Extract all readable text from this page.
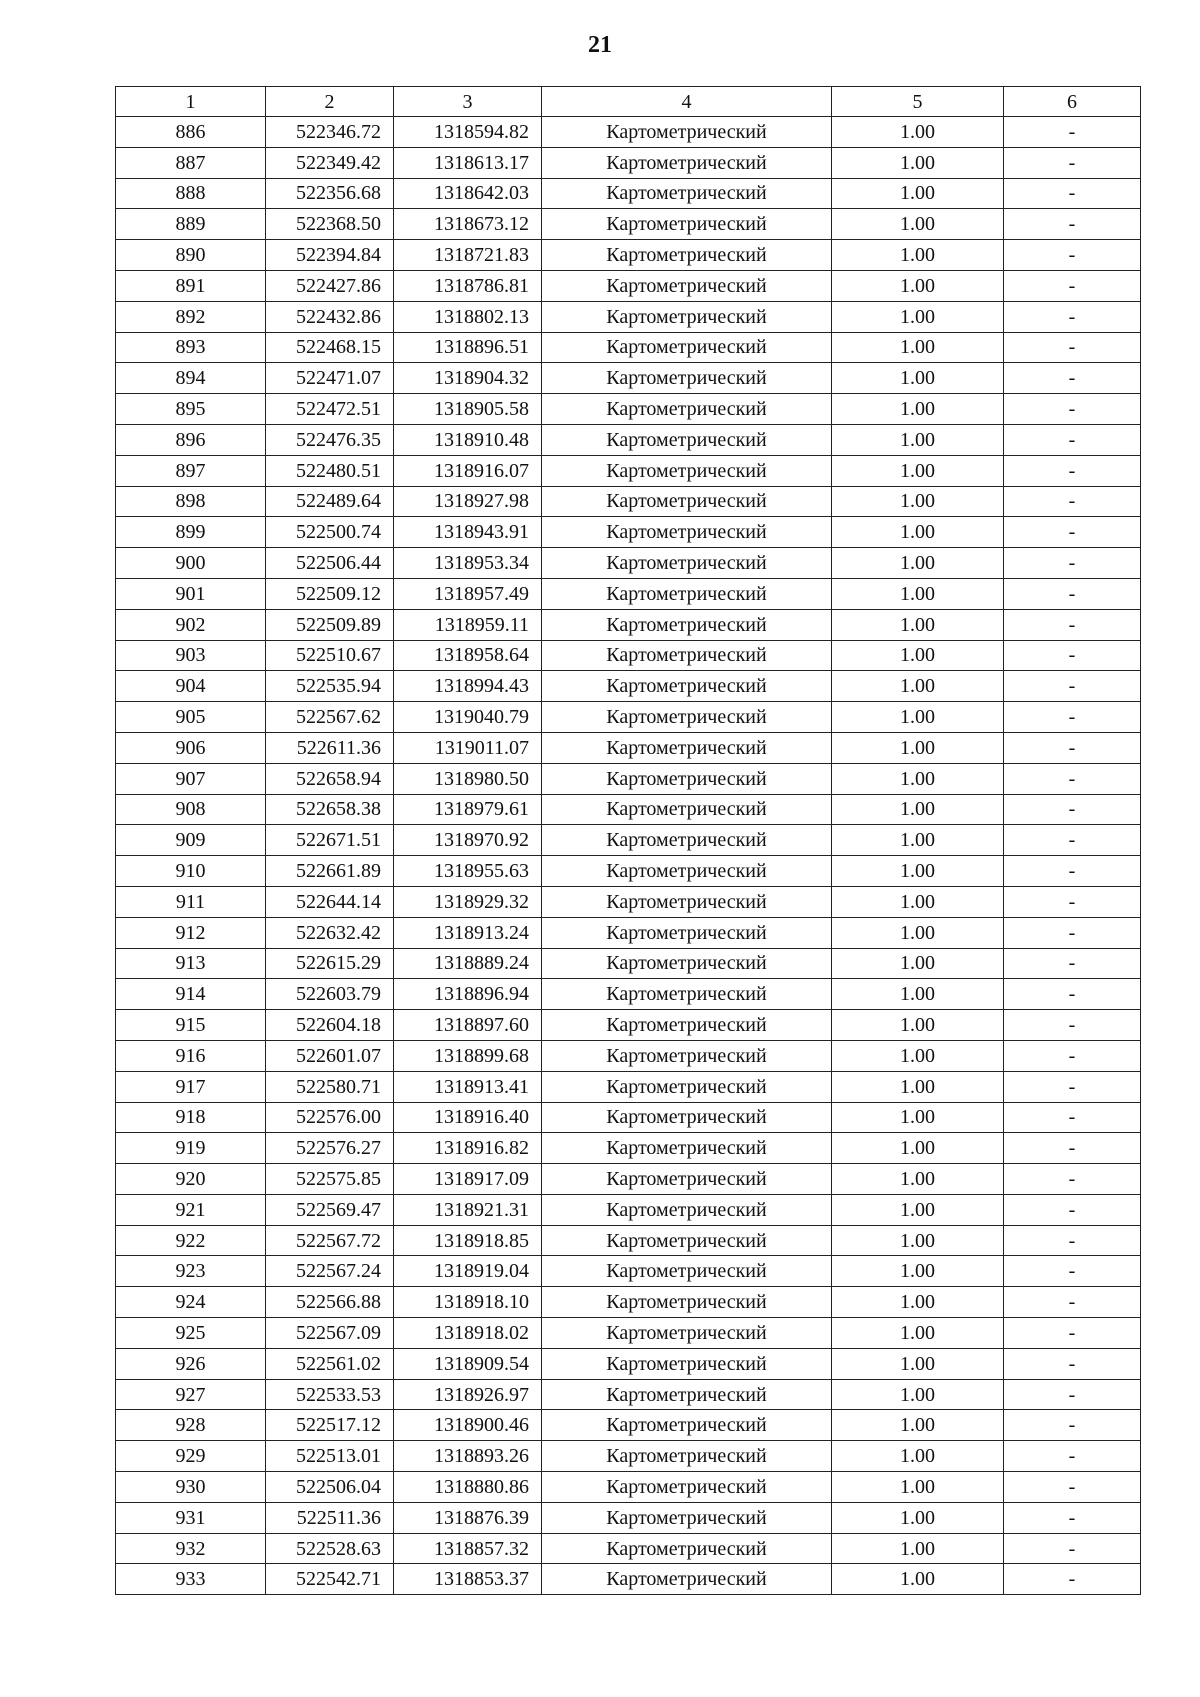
21
1	2	3	4	5	6
886	522346.72	1318594.82	Картометрический	1.00	-
887	522349.42	1318613.17	Картометрический	1.00	-
888	522356.68	1318642.03	Картометрический	1.00	-
889	522368.50	1318673.12	Картометрический	1.00	-
890	522394.84	1318721.83	Картометрический	1.00	-
891	522427.86	1318786.81	Картометрический	1.00	-
892	522432.86	1318802.13	Картометрический	1.00	-
893	522468.15	1318896.51	Картометрический	1.00	-
894	522471.07	1318904.32	Картометрический	1.00	-
895	522472.51	1318905.58	Картометрический	1.00	-
896	522476.35	1318910.48	Картометрический	1.00	-
897	522480.51	1318916.07	Картометрический	1.00	-
898	522489.64	1318927.98	Картометрический	1.00	-
899	522500.74	1318943.91	Картометрический	1.00	-
900	522506.44	1318953.34	Картометрический	1.00	-
901	522509.12	1318957.49	Картометрический	1.00	-
902	522509.89	1318959.11	Картометрический	1.00	-
903	522510.67	1318958.64	Картометрический	1.00	-
904	522535.94	1318994.43	Картометрический	1.00	-
905	522567.62	1319040.79	Картометрический	1.00	-
906	522611.36	1319011.07	Картометрический	1.00	-
907	522658.94	1318980.50	Картометрический	1.00	-
908	522658.38	1318979.61	Картометрический	1.00	-
909	522671.51	1318970.92	Картометрический	1.00	-
910	522661.89	1318955.63	Картометрический	1.00	-
911	522644.14	1318929.32	Картометрический	1.00	-
912	522632.42	1318913.24	Картометрический	1.00	-
913	522615.29	1318889.24	Картометрический	1.00	-
914	522603.79	1318896.94	Картометрический	1.00	-
915	522604.18	1318897.60	Картометрический	1.00	-
916	522601.07	1318899.68	Картометрический	1.00	-
917	522580.71	1318913.41	Картометрический	1.00	-
918	522576.00	1318916.40	Картометрический	1.00	-
919	522576.27	1318916.82	Картометрический	1.00	-
920	522575.85	1318917.09	Картометрический	1.00	-
921	522569.47	1318921.31	Картометрический	1.00	-
922	522567.72	1318918.85	Картометрический	1.00	-
923	522567.24	1318919.04	Картометрический	1.00	-
924	522566.88	1318918.10	Картометрический	1.00	-
925	522567.09	1318918.02	Картометрический	1.00	-
926	522561.02	1318909.54	Картометрический	1.00	-
927	522533.53	1318926.97	Картометрический	1.00	-
928	522517.12	1318900.46	Картометрический	1.00	-
929	522513.01	1318893.26	Картометрический	1.00	-
930	522506.04	1318880.86	Картометрический	1.00	-
931	522511.36	1318876.39	Картометрический	1.00	-
932	522528.63	1318857.32	Картометрический	1.00	-
933	522542.71	1318853.37	Картометрический	1.00	-
